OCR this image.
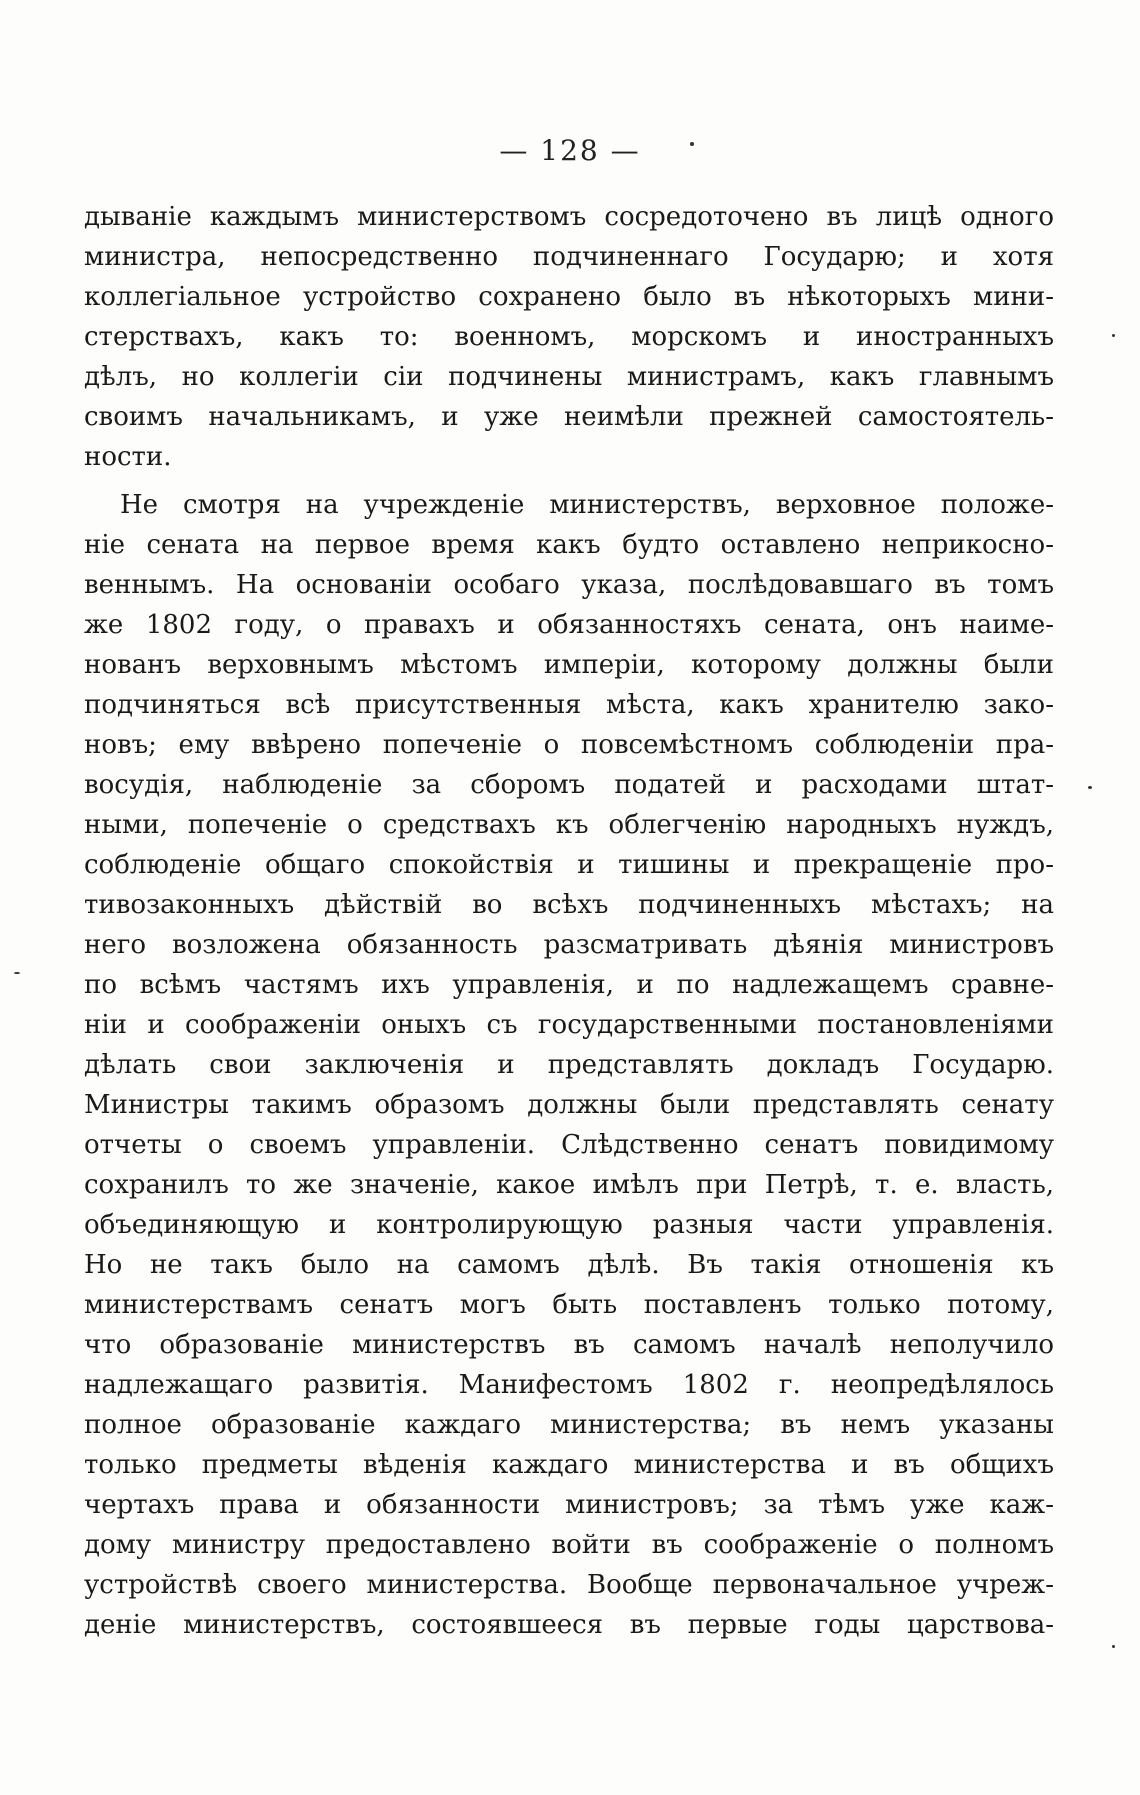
— 128 —
дываніе каждымъ министерствомъ сосредоточено въ лицѣ одного
министра, непосредственно подчиненнаго Государю; и хотя
коллегіальное устройство сохранено было въ нѣкоторыхъ мини-
стерствахъ, какъ то: военномъ, морскомъ и иностранныхъ
дѣлъ, но коллегіи сіи подчинены министрамъ, какъ главнымъ
своимъ начальникамъ, и уже неимѣли прежней самостоятель-
ности.
Не смотря на учрежденіе министерствъ, верховное положе-
ніе сената на первое время какъ будто оставлено неприкосно-
веннымъ. На основаніи особаго указа, послѣдовавшаго въ томъ
же 1802 году, о правахъ и обязанностяхъ сената, онъ наиме-
нованъ верховнымъ мѣстомъ имперіи, которому должны были
подчиняться всѣ присутственныя мѣста, какъ хранителю зако-
новъ; ему ввѣрено попеченіе о повсемѣстномъ соблюденіи пра-
восудія, наблюденіе за сборомъ податей и расходами штат-
ными, попеченіе о средствахъ къ облегченію народныхъ нуждъ,
соблюденіе общаго спокойствія и тишины и прекращеніе про-
тивозаконныхъ дѣйствій во всѣхъ подчиненныхъ мѣстахъ; на
него возложена обязанность разсматривать дѣянія министровъ
по всѣмъ частямъ ихъ управленія, и по надлежащемъ сравне-
ніи и соображеніи оныхъ съ государственными постановленіями
дѣлать свои заключенія и представлять докладъ Государю.
Министры такимъ образомъ должны были представлять сенату
отчеты о своемъ управленіи. Слѣдственно сенатъ повидимому
сохранилъ то же значеніе, какое имѣлъ при Петрѣ, т. е. власть,
объединяющую и контролирующую разныя части управленія.
Но не такъ было на самомъ дѣлѣ. Въ такія отношенія къ
министерствамъ сенатъ могъ быть поставленъ только потому,
что образованіе министерствъ въ самомъ началѣ неполучило
надлежащаго развитія. Манифестомъ 1802 г. неопредѣлялось
полное образованіе каждаго министерства; въ немъ указаны
только предметы вѣденія каждаго министерства и въ общихъ
чертахъ права и обязанности министровъ; за тѣмъ уже каж-
дому министру предоставлено войти въ соображеніе о полномъ
устройствѣ своего министерства. Вообще первоначальное учреж-
деніе министерствъ, состоявшееся въ первые годы царствова-
